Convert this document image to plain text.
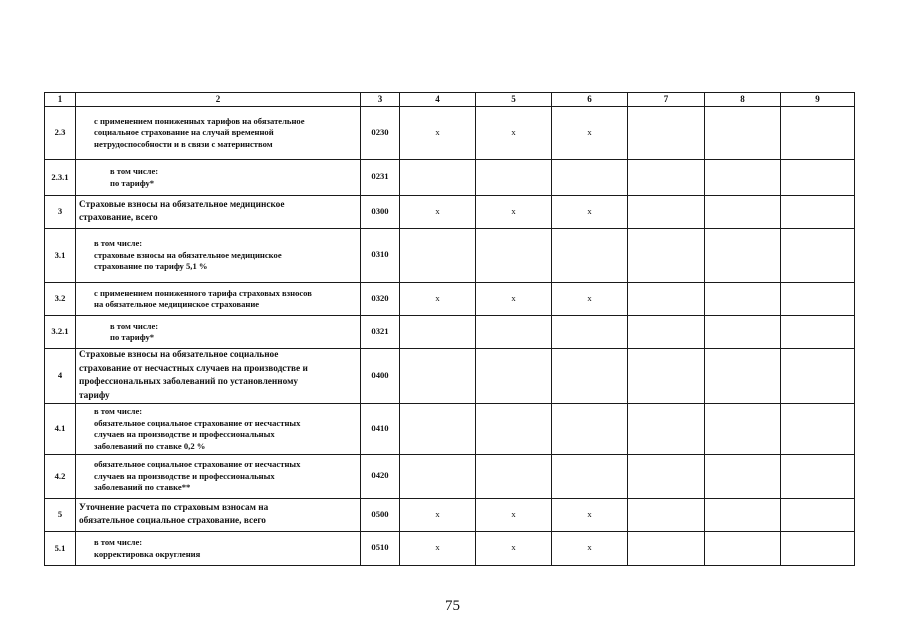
1	2	3	4	5	6	7	8	9
2.3	с применением пониженных тарифов на обязательное
социальное страхование на случай временной
нетрудоспособности и в связи с материнством	0230	х	х	х			
2.3.1	в том числе:
по тарифу*	0231						
3	Страховые взносы на обязательное медицинское
страхование, всего	0300	х	х	х			
3.1	в том числе:
страховые взносы на обязательное медицинское
страхование по тарифу 5,1 %	0310						
3.2	с применением пониженного тарифа страховых взносов
на обязательное медицинское страхование	0320	х	х	х			
3.2.1	в том числе:
по тарифу*	0321						
4	Страховые взносы на обязательное социальное
страхование от несчастных случаев на производстве и
профессиональных заболеваний по установленному
тарифу	0400						
4.1	в том числе:
обязательное социальное страхование от несчастных
случаев на производстве и профессиональных
заболеваний по ставке 0,2 %	0410						
4.2	обязательное социальное страхование от несчастных
случаев на производстве и профессиональных
заболеваний по ставке**	0420						
5	Уточнение расчета по страховым взносам на
обязательное социальное страхование, всего	0500	х	х	х			
5.1	в том числе:
корректировка округления	0510	х	х	х			
75
